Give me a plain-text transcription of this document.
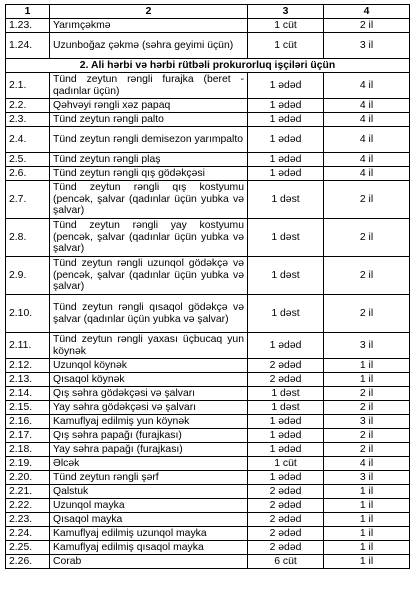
1	2	3	4
1.23.	Yarımçəkmə	1 cüt	2 il
1.24.	Uzunboğaz çəkmə (səhra geyimi üçün)	1 cüt	3 il
2. Ali hərbi və hərbi rütbəli prokurorluq işçiləri üçün			
2.1.	Tünd zeytun rəngli furajka (beret - qadınlar üçün)	1 ədəd	4 il
2.2.	Qəhvəyi rəngli xəz papaq	1 ədəd	4 il
2.3.	Tünd zeytun rəngli palto	1 ədəd	4 il
2.4.	Tünd zeytun rəngli demisezon yarımpalto	1 ədəd	4 il
2.5.	Tünd zeytun rəngli plaş	1 ədəd	4 il
2.6.	Tünd zeytun rəngli qış gödəkçəsi	1 ədəd	4 il
2.7.	Tünd zeytun rəngli qış kostyumu (pencək, şalvar (qadınlar üçün yubka və şalvar)	1 dəst	2 il
2.8.	Tünd zeytun rəngli yay kostyumu (pencək, şalvar (qadınlar üçün yubka və şalvar)	1 dəst	2 il
2.9.	Tünd zeytun rəngli uzunqol gödəkçə və (pencək, şalvar (qadınlar üçün yubka və şalvar)	1 dəst	2 il
2.10.	Tünd zeytun rəngli qısaqol gödəkçə və şalvar (qadınlar üçün yubka və şalvar)	1 dəst	2 il
2.11.	Tünd zeytun rəngli yaxası üçbucaq yun köynək	1 ədəd	3 il
2.12.	Uzunqol köynək	2 ədəd	1 il
2.13.	Qısaqol köynək	2 ədəd	1 il
2.14.	Qış səhra gödəkçəsi və şalvarı	1 dəst	2 il
2.15.	Yay səhra gödəkçəsi və şalvarı	1 dəst	2 il
2.16.	Kamuflyaj edilmiş yun köynək	1 ədəd	3 il
2.17.	Qış səhra papağı (furajkası)	1 ədəd	2 il
2.18.	Yay səhra papağı (furajkası)	1 ədəd	2 il
2.19.	Əlcək	1 cüt	4 il
2.20.	Tünd zeytun rəngli şərf	1 ədəd	3 il
2.21.	Qalstuk	2 ədəd	1 il
2.22.	Uzunqol mayka	2 ədəd	1 il
2.23.	Qısaqol mayka	2 ədəd	1 il
2.24.	Kamuflyaj edilmiş uzunqol mayka	2 ədəd	1 il
2.25.	Kamuflyaj edilmiş qısaqol mayka	2 ədəd	1 il
2.26.	Corab	6 cüt	1 il
